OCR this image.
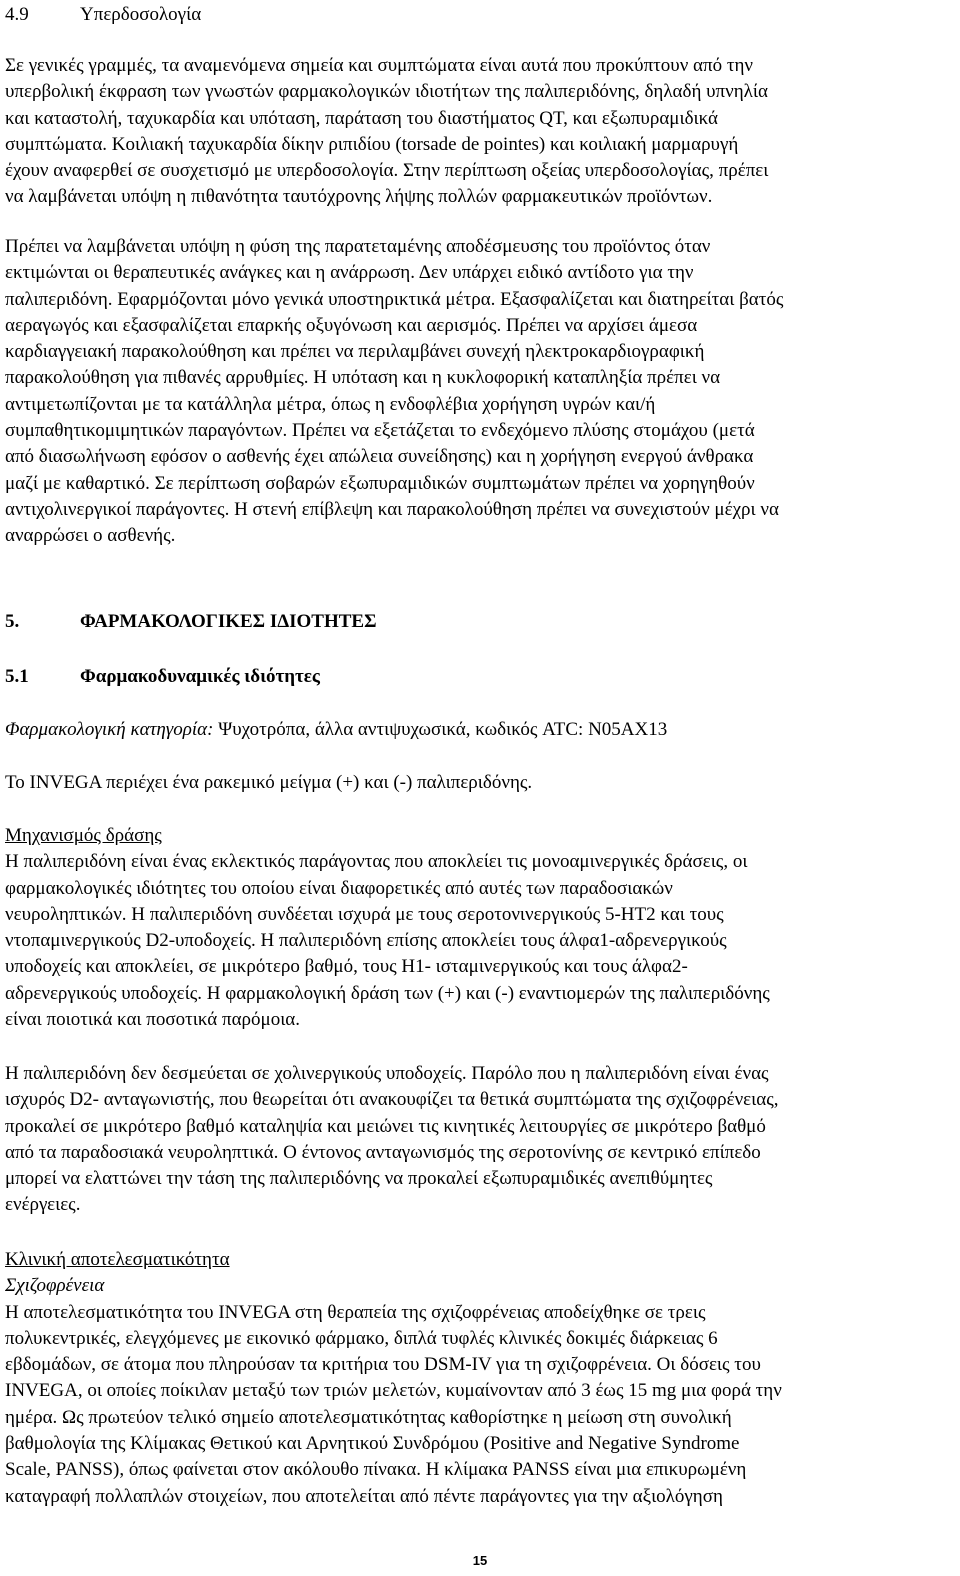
4.9	Υπερδοσολογία
Σε γενικές γραμμές, τα αναμενόμενα σημεία και συμπτώματα είναι αυτά που προκύπτουν από την
υπερβολική έκφραση των γνωστών φαρμακολογικών ιδιοτήτων της παλιπεριδόνης, δηλαδή υπνηλία
και καταστολή, ταχυκαρδία και υπόταση, παράταση του διαστήματος QT, και εξωπυραμιδικά
συμπτώματα. Κοιλιακή ταχυκαρδία δίκην ριπιδίου (torsade de pointes) και κοιλιακή μαρμαρυγή
έχουν αναφερθεί σε συσχετισμό με υπερδοσολογία. Στην περίπτωση οξείας υπερδοσολογίας, πρέπει
να λαμβάνεται υπόψη η πιθανότητα ταυτόχρονης λήψης πολλών φαρμακευτικών προϊόντων.
Πρέπει να λαμβάνεται υπόψη η φύση της παρατεταμένης αποδέσμευσης του προϊόντος όταν
εκτιμώνται οι θεραπευτικές ανάγκες και η ανάρρωση. Δεν υπάρχει ειδικό αντίδοτο για την
παλιπεριδόνη. Εφαρμόζονται μόνο γενικά υποστηρικτικά μέτρα. Εξασφαλίζεται και διατηρείται βατός
αεραγωγός και εξασφαλίζεται επαρκής οξυγόνωση και αερισμός. Πρέπει να αρχίσει άμεσα
καρδιαγγειακή παρακολούθηση και πρέπει να περιλαμβάνει συνεχή ηλεκτροκαρδιογραφική
παρακολούθηση για πιθανές αρρυθμίες. Η υπόταση και η κυκλοφορική καταπληξία πρέπει να
αντιμετωπίζονται με τα κατάλληλα μέτρα, όπως η ενδοφλέβια χορήγηση υγρών και/ή
συμπαθητικομιμητικών παραγόντων. Πρέπει να εξετάζεται το ενδεχόμενο πλύσης στομάχου (μετά
από διασωλήνωση εφόσον ο ασθενής έχει απώλεια συνείδησης) και η χορήγηση ενεργού άνθρακα
μαζί με καθαρτικό. Σε περίπτωση σοβαρών εξωπυραμιδικών συμπτωμάτων πρέπει να χορηγηθούν
αντιχολινεργικοί παράγοντες. Η στενή επίβλεψη και παρακολούθηση πρέπει να συνεχιστούν μέχρι να
αναρρώσει ο ασθενής.
5.	ΦΑΡΜΑΚΟΛΟΓΙΚΕΣ ΙΔΙΟΤΗΤΕΣ
5.1	Φαρμακοδυναμικές ιδιότητες
Φαρμακολογική κατηγορία: Ψυχοτρόπα, άλλα αντιψυχωσικά, κωδικός ATC: N05AX13
Το INVEGA περιέχει ένα ρακεμικό μείγμα (+) και (-) παλιπεριδόνης.
Μηχανισμός δράσης
Η παλιπεριδόνη είναι ένας εκλεκτικός παράγοντας που αποκλείει τις μονοαμινεργικές δράσεις, οι
φαρμακολογικές ιδιότητες του οποίου είναι διαφορετικές από αυτές των παραδοσιακών
νευροληπτικών. Η παλιπεριδόνη συνδέεται ισχυρά με τους σεροτονινεργικούς 5-HT2 και τους
ντοπαμινεργικούς D2-υποδοχείς. Η παλιπεριδόνη επίσης αποκλείει τους άλφα1-αδρενεργικούς
υποδοχείς και αποκλείει, σε μικρότερο βαθμό, τους H1- ισταμινεργικούς και τους άλφα2-
αδρενεργικούς υποδοχείς. Η φαρμακολογική δράση των (+) και (-) εναντιομερών της παλιπεριδόνης
είναι ποιοτικά και ποσοτικά παρόμοια.
Η παλιπεριδόνη δεν δεσμεύεται σε χολινεργικούς υποδοχείς. Παρόλο που η παλιπεριδόνη είναι ένας
ισχυρός D2- ανταγωνιστής, που θεωρείται ότι ανακουφίζει τα θετικά συμπτώματα της σχιζοφρένειας,
προκαλεί σε μικρότερο βαθμό καταληψία και μειώνει τις κινητικές λειτουργίες σε μικρότερο βαθμό
από τα παραδοσιακά νευροληπτικά. Ο έντονος ανταγωνισμός της σεροτονίνης σε κεντρικό επίπεδο
μπορεί να ελαττώνει την τάση της παλιπεριδόνης να προκαλεί εξωπυραμιδικές ανεπιθύμητες
ενέργειες.
Κλινική αποτελεσματικότητα
Σχιζοφρένεια
Η αποτελεσματικότητα του INVEGA στη θεραπεία της σχιζοφρένειας αποδείχθηκε σε τρεις
πολυκεντρικές, ελεγχόμενες με εικονικό φάρμακο, διπλά τυφλές κλινικές δοκιμές διάρκειας 6
εβδομάδων, σε άτομα που πληρούσαν τα κριτήρια του DSM-IV για τη σχιζοφρένεια. Οι δόσεις του
INVEGA, οι οποίες ποίκιλαν μεταξύ των τριών μελετών, κυμαίνονταν από 3 έως 15 mg μια φορά την
ημέρα. Ως πρωτεύον τελικό σημείο αποτελεσματικότητας καθορίστηκε η μείωση στη συνολική
βαθμολογία της Κλίμακας Θετικού και Αρνητικού Συνδρόμου (Positive and Negative Syndrome
Scale, PANSS), όπως φαίνεται στον ακόλουθο πίνακα. Η κλίμακα PANSS είναι μια επικυρωμένη
καταγραφή πολλαπλών στοιχείων, που αποτελείται από πέντε παράγοντες για την αξιολόγηση
15
